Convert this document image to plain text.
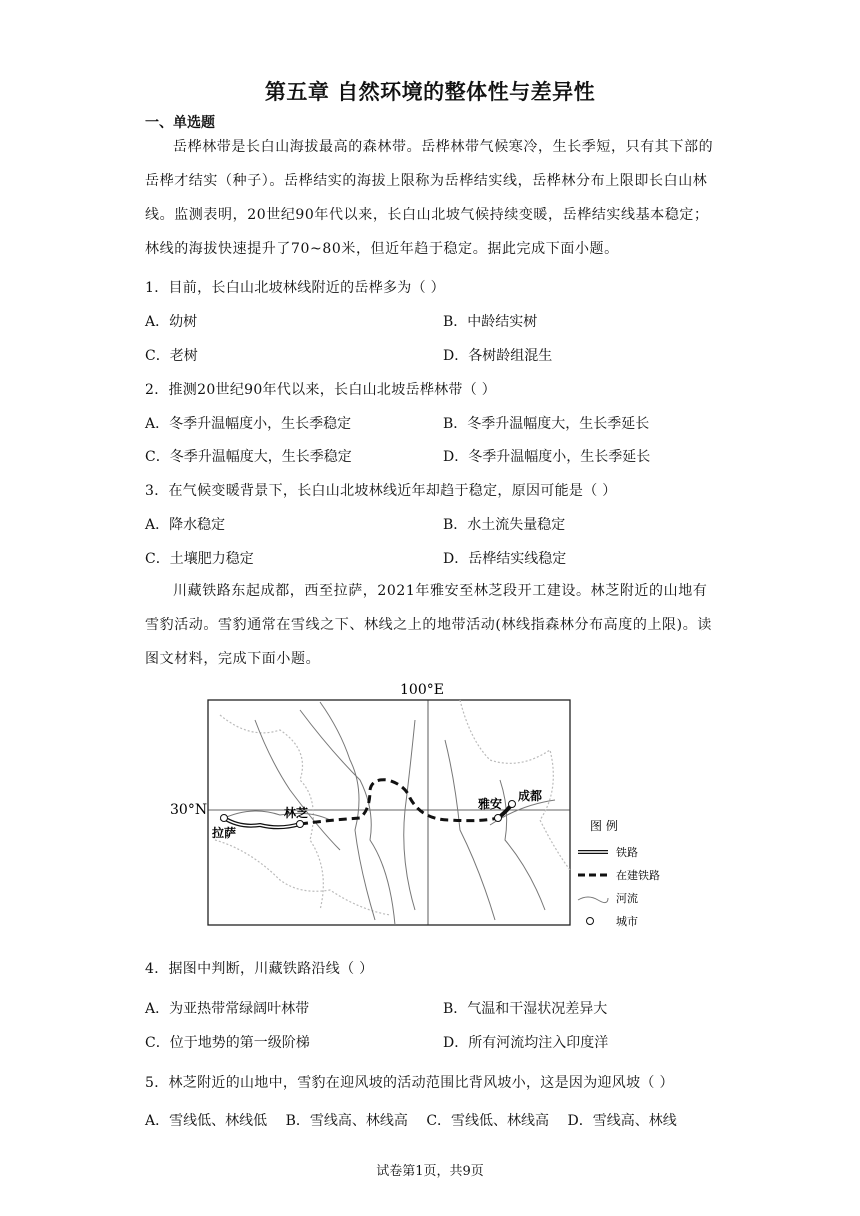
第五章 自然环境的整体性与差异性
一、单选题
岳桦林带是长白山海拔最高的森林带。岳桦林带气候寒冷，生长季短，只有其下部的岳桦才结实（种子）。岳桦结实的海拔上限称为岳桦结实线，岳桦林分布上限即长白山林线。监测表明，20世纪90年代以来，长白山北坡气候持续变暖，岳桦结实线基本稳定；林线的海拔快速提升了70~80米，但近年趋于稳定。据此完成下面小题。
1．目前，长白山北坡林线附近的岳桦多为（ ）
A．幼树	B．中龄结实树
C．老树	D．各树龄组混生
2．推测20世纪90年代以来，长白山北坡岳桦林带（ ）
A．冬季升温幅度小，生长季稳定	B．冬季升温幅度大，生长季延长
C．冬季升温幅度大，生长季稳定	D．冬季升温幅度小，生长季延长
3．在气候变暖背景下，长白山北坡林线近年却趋于稳定，原因可能是（ ）
A．降水稳定	B．水土流失量稳定
C．土壤肥力稳定	D．岳桦结实线稳定
川藏铁路东起成都，西至拉萨，2021年雅安至林芝段开工建设。林芝附近的山地有雪豹活动。雪豹通常在雪线之下、林线之上的地带活动(林线指森林分布高度的上限)。读图文材料，完成下面小题。
拉萨
林芝
雅安
成都
100°E
30°N
图 例
铁路
在建铁路
河流
城市
4．据图中判断，川藏铁路沿线（ ）
A．为亚热带常绿阔叶林带	B．气温和干湿状况差异大
C．位于地势的第一级阶梯	D．所有河流均注入印度洋
5．林芝附近的山地中，雪豹在迎风坡的活动范围比背风坡小，这是因为迎风坡（ ）
A．雪线低、林线低 B．雪线高、林线高 C．雪线低、林线高 D．雪线高、林线
试卷第1页，共9页
